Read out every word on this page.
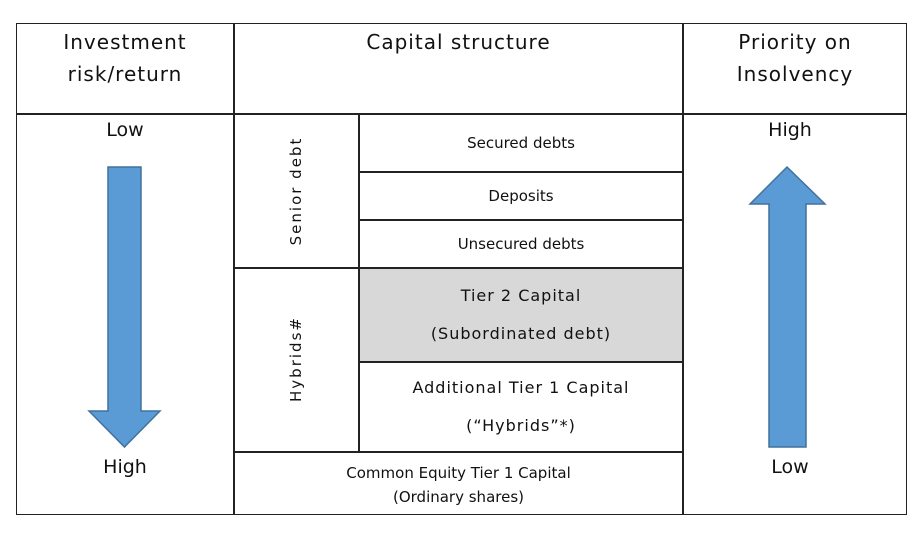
Investment
risk/return
Capital structure	Priority on
Insolvency
Low
High
High
Low
Senior debt
Hybrids#
Secured debts
Deposits
Unsecured debts
Tier 2 Capital
(Subordinated debt)
Additional Tier 1 Capital
(“Hybrids”*)
Common Equity Tier 1 Capital
(Ordinary shares)
